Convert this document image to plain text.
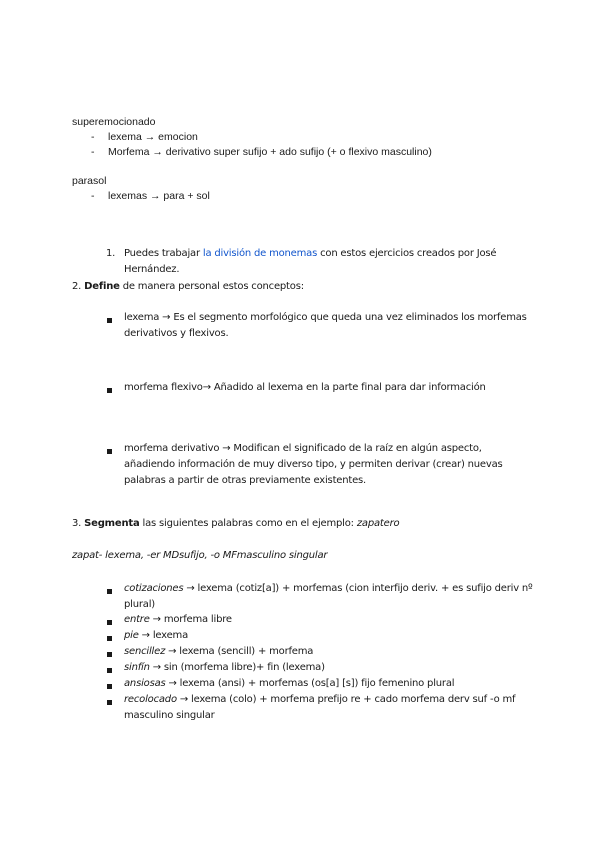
superemocionado
- lexema → emocion
- Morfema → derivativo super sufijo + ado sufijo (+ o flexivo masculino)
parasol
- lexemas → para + sol
1. Puedes trabajar la división de monemas con estos ejercicios creados por José
Hernández.
2. Define de manera personal estos conceptos:
lexema → Es el segmento morfológico que queda una vez eliminados los morfemas
derivativos y flexivos.
morfema flexivo→ Añadido al lexema en la parte final para dar información
morfema derivativo → Modifican el significado de la raíz en algún aspecto,
añadiendo información de muy diverso tipo, y permiten derivar (crear) nuevas
palabras a partir de otras previamente existentes.
3. Segmenta las siguientes palabras como en el ejemplo: zapatero
zapat- lexema, -er MDsufijo, -o MFmasculino singular
cotizaciones → lexema (cotiz[a]) + morfemas (cion interfijo deriv. + es sufijo deriv nº
plural)
entre → morfema libre
pie → lexema
sencillez → lexema (sencill) + morfema
sinfín → sin (morfema libre)+ fin (lexema)
ansiosas → lexema (ansi) + morfemas (os[a] [s]) fijo femenino plural
recolocado → lexema (colo) + morfema prefijo re + cado morfema derv suf -o mf
masculino singular
